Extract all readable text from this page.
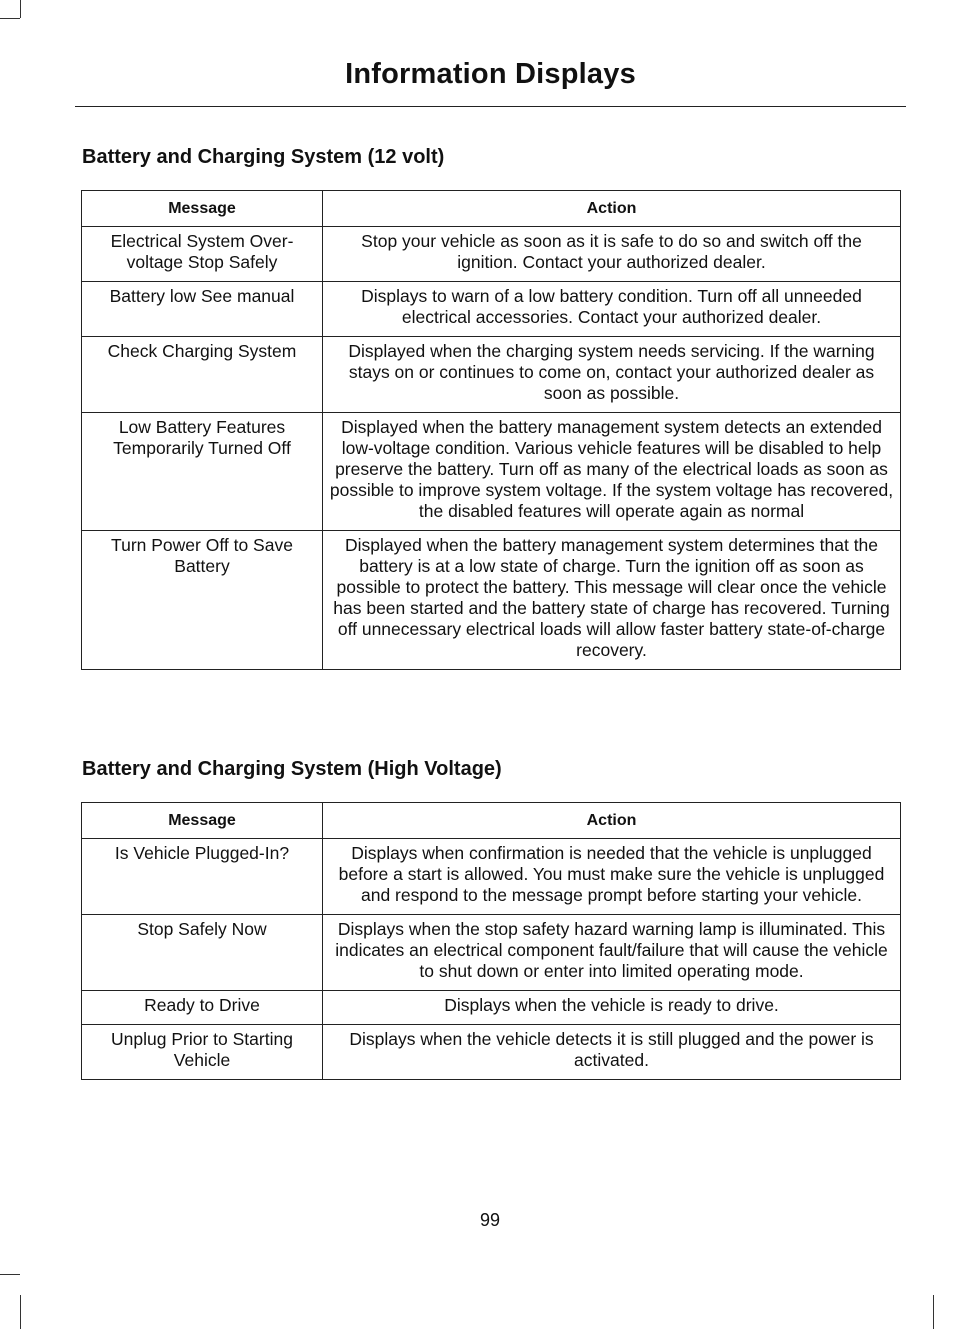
Information Displays
Battery and Charging System (12 volt)
Message	Action
Electrical System Over-voltage Stop Safely	Stop your vehicle as soon as it is safe to do so and switch off the ignition. Contact your authorized dealer.
Battery low See manual	Displays to warn of a low battery condition. Turn off all unneeded electrical accessories. Contact your authorized dealer.
Check Charging System	Displayed when the charging system needs servicing. If the warning stays on or continues to come on, contact your authorized dealer as soon as possible.
Low Battery Features Temporarily Turned Off	Displayed when the battery management system detects an extended low-voltage condition. Various vehicle features will be disabled to help preserve the battery. Turn off as many of the electrical loads as soon as possible to improve system voltage. If the system voltage has recovered, the disabled features will operate again as normal
Turn Power Off to Save Battery	Displayed when the battery management system determines that the battery is at a low state of charge. Turn the ignition off as soon as possible to protect the battery. This message will clear once the vehicle has been started and the battery state of charge has recovered. Turning off unnecessary electrical loads will allow faster battery state-of-charge recovery.
Battery and Charging System (High Voltage)
Message	Action
Is Vehicle Plugged-In?	Displays when confirmation is needed that the vehicle is unplugged before a start is allowed. You must make sure the vehicle is unplugged and respond to the message prompt before starting your vehicle.
Stop Safely Now	Displays when the stop safety hazard warning lamp is illuminated. This indicates an electrical component fault/failure that will cause the vehicle to shut down or enter into limited operating mode.
Ready to Drive	Displays when the vehicle is ready to drive.
Unplug Prior to Starting Vehicle	Displays when the vehicle detects it is still plugged and the power is activated.
99
